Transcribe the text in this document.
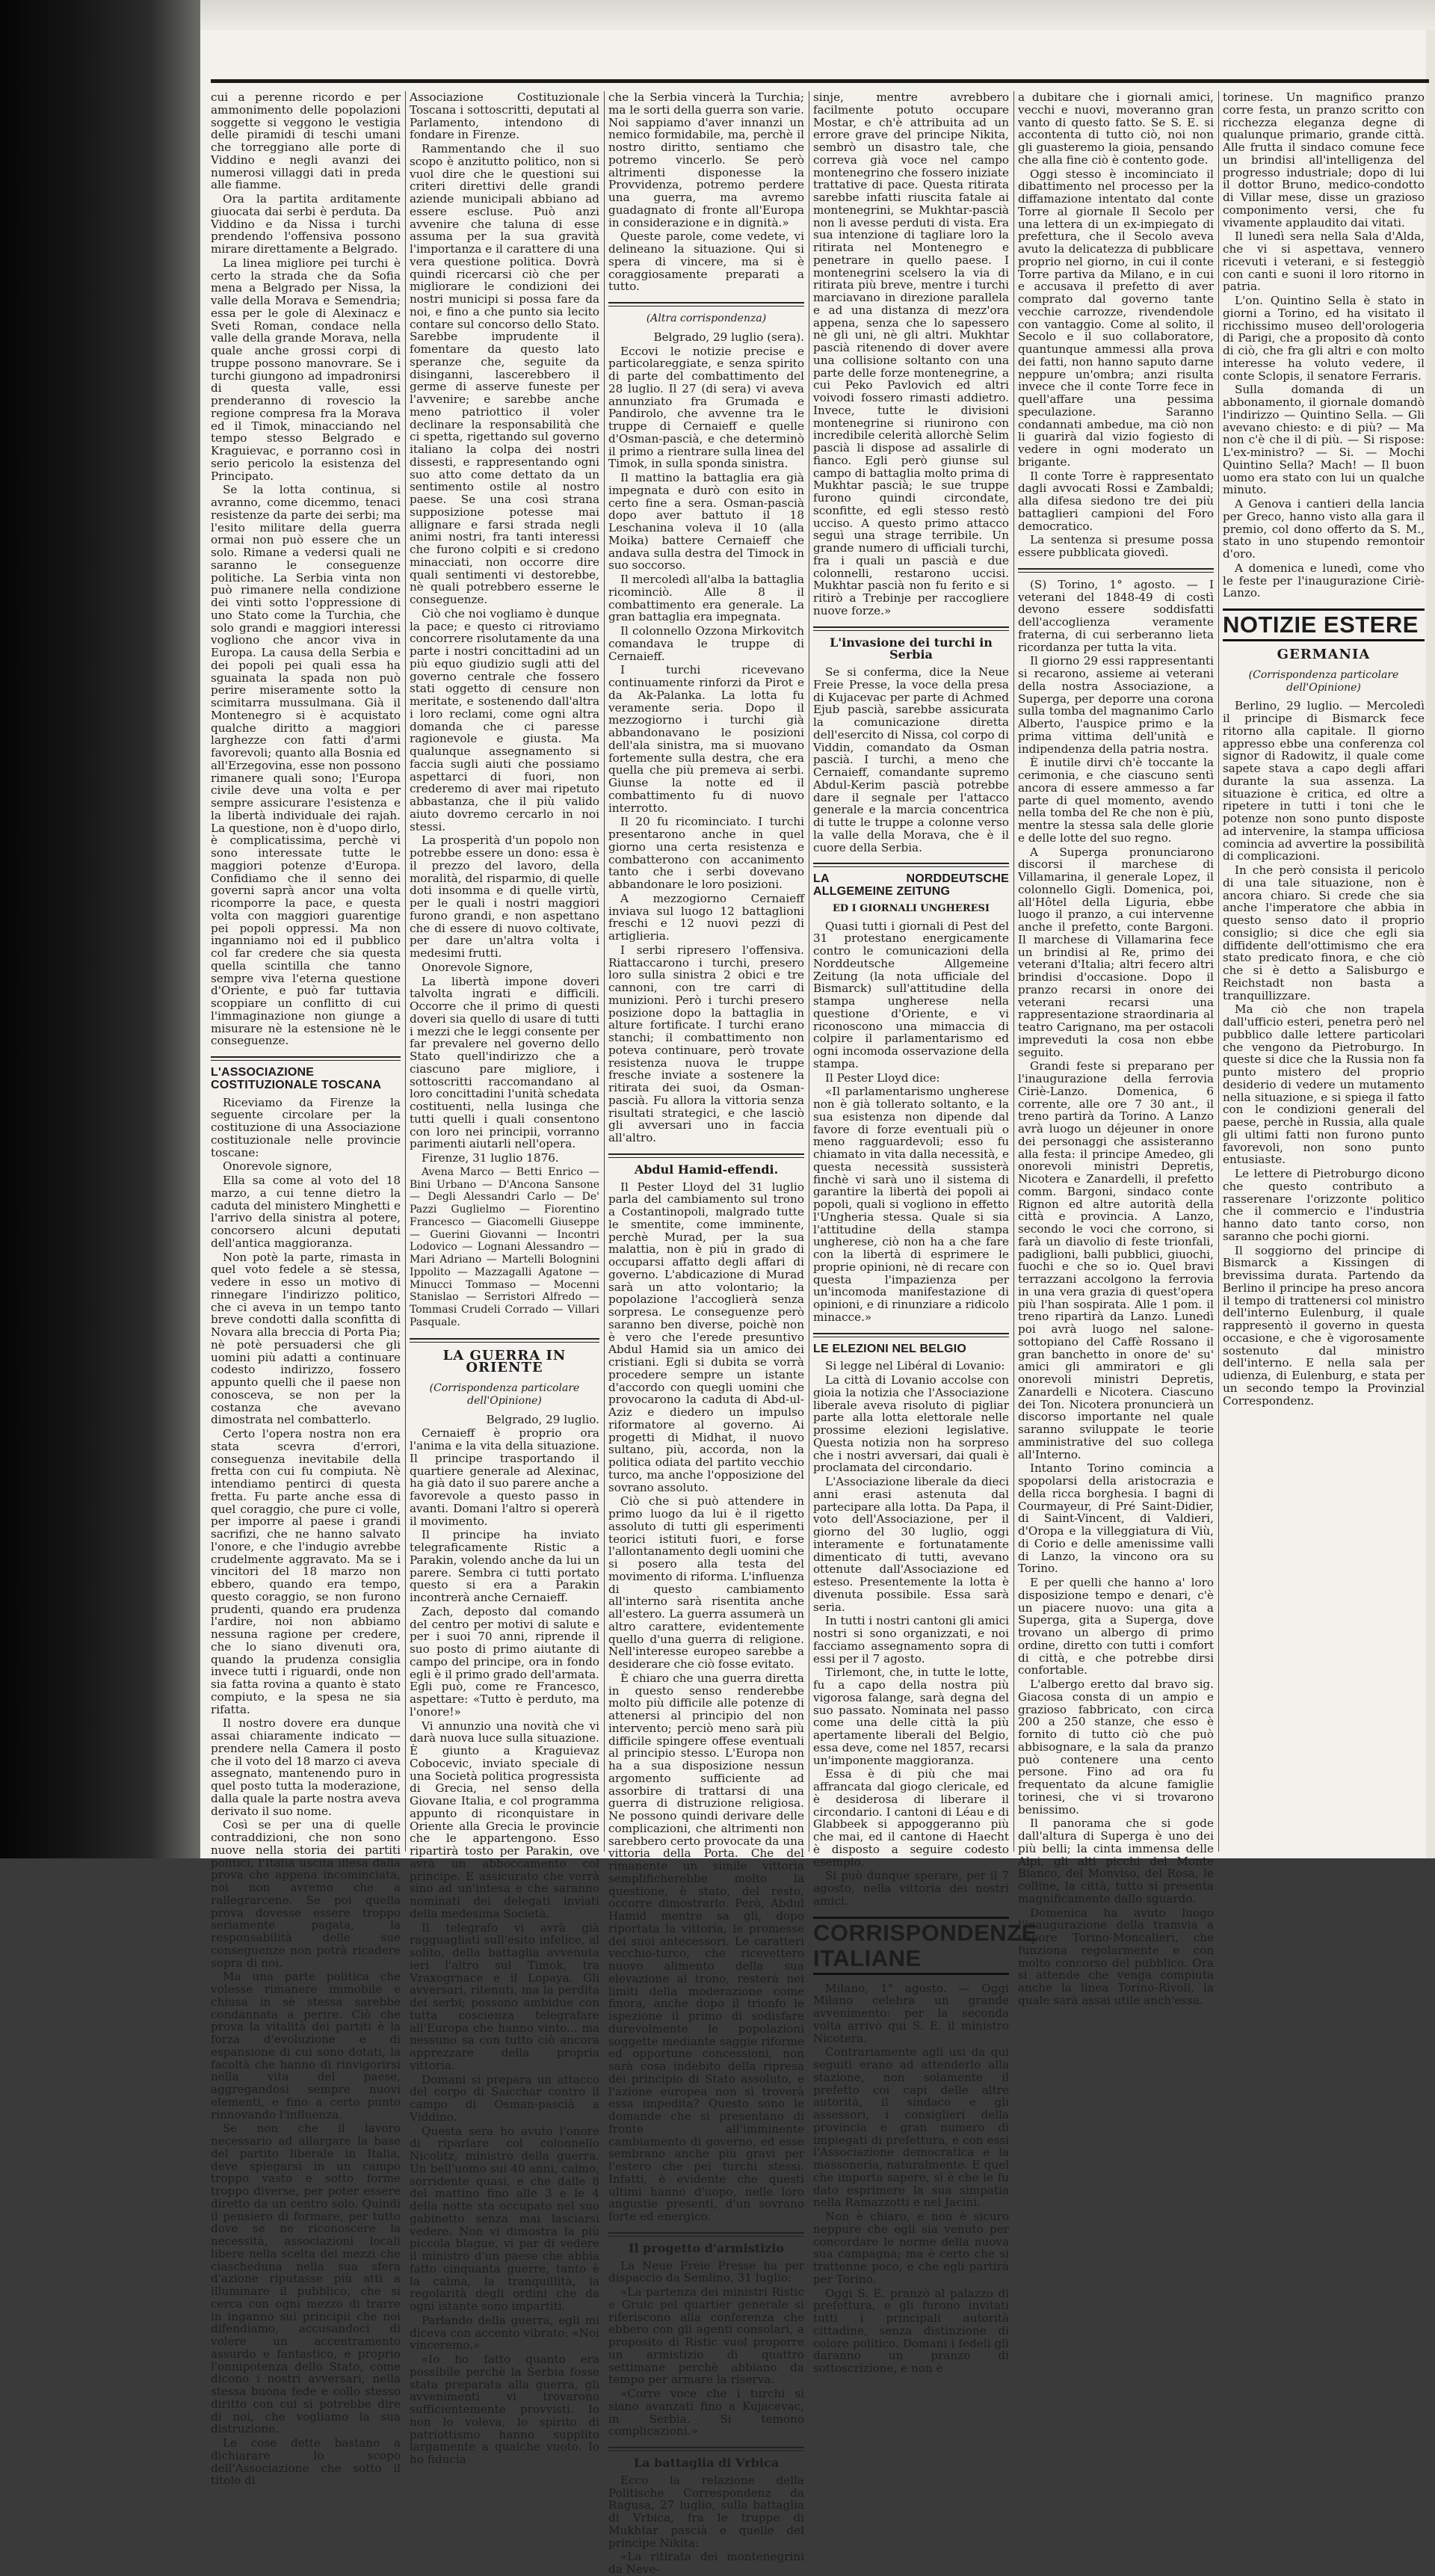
cui a perenne ricordo e per ammonimento delle popolazioni soggette si veggono le vestigia delle piramidi di teschi umani che torreggiano alle porte di Viddino e negli avanzi dei numerosi villaggi dati in preda alle fiamme.

Ora la partita arditamente giuocata dai serbi è perduta. Da Viddino e da Nissa i turchi prendendo l'offensiva possono mirare direttamente a Belgrado.

La linea migliore pei turchi è certo la strada che da Sofia mena a Belgrado per Nissa, la valle della Morava e Semendria; essa per le gole di Alexinacz e Sveti Roman, condace nella valle della grande Morava, nella quale anche grossi corpi di truppe possono manovrare. Se i turchi giungono ad impadronirsi di questa valle, essi prenderanno di rovescio la regione compresa fra la Morava ed il Timok, minacciando nel tempo stesso Belgrado e Kraguievac, e porranno così in serio pericolo la esistenza del Principato.

Se la lotta continua, si avranno, come dicemmo, tenaci resistenze da parte dei serbi; ma l'esito militare della guerra ormai non può essere che un solo. Rimane a vedersi quali ne saranno le conseguenze politiche. La Serbia vinta non può rimanere nella condizione dei vinti sotto l'oppressione di uno Stato come la Turchia, che solo grandi e maggiori interessi vogliono che ancor viva in Europa. La causa della Serbia e dei popoli pei quali essa ha sguainata la spada non può perire miseramente sotto la scimitarra mussulmana. Già il Montenegro si è acquistato qualche diritto a maggiori larghezze con fatti d'armi favorevoli; quanto alla Bosnia ed all'Erzegovina, esse non possono rimanere quali sono; l'Europa civile deve una volta e per sempre assicurare l'esistenza e la libertà individuale dei rajah. La questione, non è d'uopo dirlo, è complicatissima, perchè vi sono interessate tutte le maggiori potenze d'Europa. Confidiamo che il senno dei governi saprà ancor una volta ricomporre la pace, e questa volta con maggiori guarentige pei popoli oppressi. Ma non inganniamo noi ed il pubblico col far credere che sia questa quella scintilla che tanno sempre viva l'eterna questione d'Oriente, e può far tuttavia scoppiare un conflitto di cui l'immaginazione non giunge a misurare nè la estensione nè le conseguenze.

L'ASSOCIAZIONE COSTITUZIONALE TOSCANA

Riceviamo da Firenze la seguente circolare per la costituzione di una Associazione costituzionale nelle provincie toscane:

Onorevole signore,

Ella sa come al voto del 18 marzo, a cui tenne dietro la caduta del ministero Minghetti e l'arrivo della sinistra al potere, concorsero alcuni deputati dell'antica maggioranza.

Non potè la parte, rimasta in quel voto fedele a sè stessa, vedere in esso un motivo di rinnegare l'indirizzo politico, che ci aveva in un tempo tanto breve condotti dalla sconfitta di Novara alla breccia di Porta Pia; nè potè persuadersi che gli uomini più adatti a continuare codesto indirizzo, fossero appunto quelli che il paese non conosceva, se non per la costanza che avevano dimostrata nel combatterlo.

Certo l'opera nostra non era stata scevra d'errori, conseguenza inevitabile della fretta con cui fu compiuta. Nè intendiamo pentirci di questa fretta. Fu parte anche essa di quel coraggio, che pure ci volle, per imporre al paese i grandi sacrifizi, che ne hanno salvato l'onore, e che l'indugio avrebbe crudelmente aggravato. Ma se i vincitori del 18 marzo non ebbero, quando era tempo, questo coraggio, se non furono prudenti, quando era prudenza l'ardire, noi non abbiamo nessuna ragione per credere, che lo siano divenuti ora, quando la prudenza consiglia invece tutti i riguardi, onde non sia fatta rovina a quanto è stato compiuto, e la spesa ne sia rifatta.

Il nostro dovere era dunque assai chiaramente indicato — prendere nella Camera il posto che il voto del 18 marzo ci aveva assegnato, mantenendo puro in quel posto tutta la moderazione, dalla quale la parte nostra aveva derivato il suo nome.

Così se per una di quelle contraddizioni, che non sono nuove nella storia dei partiti politici, l'Italia uscita illesa dalla prova che appena incominciata, noi non avremo che a rallegrarcene. Se poi quella prova dovesse essere troppo seriamente pagata, la responsabilità delle sue conseguenze non potrà ricadere sopra di noi.

Ma una parte politica che volesse rimanere immobile e chiusa in sè stessa sarebbe condannata a perire. Ciò che prova la vitalità dei partiti è la forza d'evoluzione e di espansione di cui sono dotati, la facoltà che hanno di rinvigorirsi nella vita del paese, aggregandosi sempre nuovi elementi, e fino a certo punto rinnovando l'influenza.

Se non che il lavoro necessario ad allargare la base del partito liberale in Italia, deve spiegarsi in un campo troppo vasto e sotto forme troppo diverse, per poter essere diretto da un centro solo. Quindi il pensiero di formare, per tutto dove se ne riconoscere la necessità, associazioni locali libere nella scelta dei mezzi che ciascheduna nella sua sfera d'azione riputasse più atti a illuminare il pubblico, che si cerca con ogni mezzo di trarre in inganno sui principii che noi difendiamo, accusandoci di volere un accentramento assurdo e fantastico, e proprio l'onnipotenza dello Stato, come dicono i nostri avversari, nella stessa buona fede e collo stesso diritto con cui si potrebbe dire di noi, che vogliamo la sua distruzione.

Le cose dette bastano a dichiarare lo scopo dell'Associazione che sotto il titolo di

Associazione Costituzionale Toscana i sottoscritti, deputati al Parlamento, intendono di fondare in Firenze.

Rammentando che il suo scopo è anzitutto politico, non si vuol dire che le questioni sui criteri direttivi delle grandi aziende municipali abbiano ad essere escluse. Può anzi avvenire che taluna di esse assuma per la sua gravità l'importanza e il carattere di una vera questione politica. Dovrà quindi ricercarsi ciò che per migliorare le condizioni dei nostri municipi si possa fare da noi, e fino a che punto sia lecito contare sul concorso dello Stato. Sarebbe imprudente il fomentare da questo lato speranze che, seguite da disinganni, lascerebbero il germe di asserve funeste per l'avvenire; e sarebbe anche meno patriottico il voler declinare la responsabilità che ci spetta, rigettando sul governo italiano la colpa dei nostri dissesti, e rappresentando ogni suo atto come dettato da un sentimento ostile al nostro paese. Se una così strana supposizione potesse mai allignare e farsi strada negli animi nostri, fra tanti interessi che furono colpiti e si credono minacciati, non occorre dire quali sentimenti vi destorebbe, nè quali potrebbero esserne le conseguenze.

Ciò che noi vogliamo è dunque la pace; e questo ci ritroviamo concorrere risolutamente da una parte i nostri concittadini ad un più equo giudizio sugli atti del governo centrale che fossero stati oggetto di censure non meritate, e sostenendo dall'altra i loro reclami, come ogni altra domanda che ci paresse ragionevole e giusta. Ma qualunque assegnamento si faccia sugli aiuti che possiamo aspettarci di fuori, non crederemo di aver mai ripetuto abbastanza, che il più valido aiuto dovremo cercarlo in noi stessi.

La prosperità d'un popolo non potrebbe essere un dono: essa è il prezzo del lavoro, della moralità, del risparmio, di quelle doti insomma e di quelle virtù, per le quali i nostri maggiori furono grandi, e non aspettano che di essere di nuovo coltivate, per dare un'altra volta i medesimi frutti.

Onorevole Signore,

La libertà impone doveri talvolta ingrati e difficili. Occorre che il primo di questi doveri sia quello di usare di tutti i mezzi che le leggi consente per far prevalere nel governo dello Stato quell'indirizzo che a ciascuno pare migliore, i sottoscritti raccomandano al loro concittadini l'unità schedata costituenti, nella lusinga che tutti quelli i quali consentono con loro nei principii, vorranno parimenti aiutarli nell'opera.

Firenze, 31 luglio 1876.

Avena Marco — Betti Enrico — Bini Urbano — D'Ancona Sansone — Degli Alessandri Carlo — De' Pazzi Guglielmo — Fiorentino Francesco — Giacomelli Giuseppe — Guerini Giovanni — Incontri Lodovico — Lognani Alessandro — Mari Adriano — Martelli Bolognini Ippolito — Mazzagalli Agatone — Minucci Tommaso — Mocenni Stanislao — Serristori Alfredo — Tommasi Crudeli Corrado — Villari Pasquale.

LA GUERRA IN ORIENTE
(Corrispondenza particolare dell'Opinione)

Belgrado, 29 luglio.

Cernaieff è proprio ora l'anima e la vita della situazione. Il principe trasportando il quartiere generale ad Alexinac, ha già dato il suo parere anche a favorevole a questo passo in avanti. Domani l'altro si opererà il movimento.

Il principe ha inviato telegraficamente Ristic a Parakin, volendo anche da lui un parere. Sembra ci tutti portato questo si era a Parakin incontrerà anche Cernaieff.

Zach, deposto dal comando del centro per motivi di salute e per i suoi 70 anni, riprende il suo posto di primo aiutante di campo del principe, ora in fondo egli è il primo grado dell'armata. Egli può, come re Francesco, aspettare: «Tutto è perduto, ma l'onore!»

Vi annunzio una novità che vi darà nuova luce sulla situazione. È giunto a Kraguievaz Cobocevic, inviato speciale di una Società politica progressista di Grecia, nel senso della Giovane Italia, e col programma appunto di riconquistare in Oriente alla Grecia le provincie che le appartengono. Esso ripartirà tosto per Parakin, ove avrà un abboccamento col principe. E assicurato che verrà sino ad un'intesa e che saranno nominati dei delegati inviati della medesima Società.

Il telegrafo vi avrà già ragguagliati sull'esito infelice, al solito, della battaglia avvenuta ieri l'altro sul Timok, tra Vraxogrnace e il Lopaya. Gli avversari, ritenuti, ma la perdita dei serbi; possono ambidue con tutta coscienza telegrafare all'Europa che hanno vinto... ma nessuno sa con tutto ciò ancora apprezzare della propria vittoria.

Domani si prepara un attacco del corpo di Saicchar contro il campo di Osman-pascià a Viddino.

Questa sera ho avuto l'onore di riparlare col colonnello Nicolitz, ministro della guerra. Un bell'uomo sui 40 anni, calmo, sorridente quasi, e che dalle 8 del mattino fino alle 3 e le 4 della notte sta occupato nel suo gabinetto senza mai lasciarsi vedere. Non vi dimostra la più piccola blague, vi par di vedere il ministro d'un paese che abbia fatto cinquanta guerre, tanto è la calma, la tranquillità, la regolarità degli ordini che da ogni istante sono impartiti.

Parlando della guerra, egli mi diceva con accento vibrato: «Noi vinceremo.»

«Io ho fatto quanto era possibile perchè la Serbia fosse stata preparata alla guerra, gli avvenimenti vi trovarono sufficientemente provvisti. Io non lo voleva, lo spirito di patriottismo hanno supplito largamente a qualche vuoto. Io ho fiducia

che la Serbia vincerà la Turchia; ma le sorti della guerra son varie. Noi sappiamo d'aver innanzi un nemico formidabile, ma, perchè il nostro diritto, sentiamo che potremo vincerlo. Se però altrimenti disponesse la Provvidenza, potremo perdere una guerra, ma avremo guadagnato di fronte all'Europa in considerazione e in dignità.»

Queste parole, come vedete, vi delineano la situazione. Qui si spera di vincere, ma si è coraggiosamente preparati a tutto.

(Altra corrispondenza)

Belgrado, 29 luglio (sera).

Eccovi le notizie precise e particolareggiate, e senza spirito di parte del combattimento del 28 luglio. Il 27 (di sera) vi aveva annunziato fra Grumada e Pandirolo, che avvenne tra le truppe di Cernaieff e quelle d'Osman-pascià, e che determinò il primo a rientrare sulla linea del Timok, in sulla sponda sinistra.

Il mattino la battaglia era già impegnata e durò con esito in certo fine a sera. Osman-pascià dopo aver battuto il 18 Leschanina voleva il 10 (alla Moika) battere Cernaieff che andava sulla destra del Timock in suo soccorso.

Il mercoledì all'alba la battaglia ricominciò. Alle 8 il combattimento era generale. La gran battaglia era impegnata.

Il colonnello Ozzona Mirkovitch comandava le truppe di Cernaieff.

I turchi ricevevano continuamente rinforzi da Pirot e da Ak-Palanka. La lotta fu veramente seria. Dopo il mezzogiorno i turchi già abbandonavano le posizioni dell'ala sinistra, ma si muovano fortemente sulla destra, che era quella che più premeva ai serbi. Giunse la notte ed il combattimento fu di nuovo interrotto.

Il 20 fu ricominciato. I turchi presentarono anche in quel giorno una certa resistenza e combatterono con accanimento tanto che i serbi dovevano abbandonare le loro posizioni.

A mezzogiorno Cernaieff inviava sul luogo 12 battaglioni freschi e 12 nuovi pezzi di artiglieria.

I serbi ripresero l'offensiva. Riattaccarono i turchi, presero loro sulla sinistra 2 obici e tre cannoni, con tre carri di munizioni. Però i turchi presero posizione dopo la battaglia in alture fortificate. I turchi erano stanchi; il combattimento non poteva continuare, però trovate resistenza nuova le truppe fresche inviate a sostenere la ritirata dei suoi, da Osman-pascià. Fu allora la vittoria senza risultati strategici, e che lasciò gli avversari uno in faccia all'altro.

Abdul Hamid-effendi.

Il Pester Lloyd del 31 luglio parla del cambiamento sul trono a Costantinopoli, malgrado tutte le smentite, come imminente, perchè Murad, per la sua malattia, non è più in grado di occuparsi affatto degli affari di governo. L'abdicazione di Murad sarà un atto volontario; la popolazione l'accoglierà senza sorpresa. Le conseguenze però saranno ben diverse, poichè non è vero che l'erede presuntivo Abdul Hamid sia un amico dei cristiani. Egli si dubita se vorrà procedere sempre un istante d'accordo con quegli uomini che provocarono la caduta di Abd-ul-Aziz e diedero un impulso riformatore al governo. Ai progetti di Midhat, il nuovo sultano, più, accorda, non la politica odiata del partito vecchio turco, ma anche l'opposizione del sovrano assoluto.

Ciò che si può attendere in primo luogo da lui è il rigetto assoluto di tutti gli esperimenti teorici istituti fuori, e forse l'allontanamento degli uomini che si posero alla testa del movimento di riforma. L'influenza di questo cambiamento all'interno sarà risentita anche all'estero. La guerra assumerà un altro carattere, evidentemente quello d'una guerra di religione. Nell'interesse europeo sarebbe a desiderare che ciò fosse evitato.

È chiaro che una guerra diretta in questo senso renderebbe molto più difficile alle potenze di attenersi al principio del non intervento; perciò meno sarà più difficile spingere offese eventuali al principio stesso. L'Europa non ha a sua disposizione nessun argomento sufficiente ad assorbire di trattarsi di una guerra di distruzione religiosa. Ne possono quindi derivare delle complicazioni, che altrimenti non sarebbero certo provocate da una vittoria della Porta. Che del rimanente un simile vittoria semplificherebbe molto la questione, è stato, del resto, occorre dimostrarlo. Però, Abdul Hamid mentre sa gli, dopo riportata la vittoria, le promesse dei suoi antecessori. Le caratteri vecchio-turco, che ricevettero nuovo alimento della sua elevazione al trono, resterà nei limiti della moderazione come finora, anche dopo il trionfo le ispezione il primo di sodisfare durevolmente le popolazioni soggette mediante saggie riforme ed opportune concessioni, non sarà cosa indebito della ripresa dei principio di Stato assoluto, e l'azione europea non si troverà essa impedita? Questo sono le domande che si presentano di fronte all'imminente cambiamento di governo, ed esse sembrano anche più gravi per l'estero che pei turchi stessi. Infatti, è evidente che questi ultimi hanno d'uopo, nelle loro angustie presenti, d'un sovrano forte ed energico.

Il progetto d'armistizio

La Neue Freie Presse ha per dispaccio da Semlino, 31 luglio:

«La partenza dei ministri Ristic e Gruic pel quartier generale si riferiscono alla conferenza che ebbero con gli agenti consolari, a proposito di Ristic vuol proporre un armistizio di quattro settimane perchè abbiano da tempo per armare la riserva.

«Corre voce che i turchi si siano avanzati fino a Kujacevac, in Serbia. Si temono complicazioni.»

La battaglia di Vrbica

Ecco la relazione della Politische Correspondenz da Ragusa, 27 luglio, sulla battaglia di Vrbica, fra le truppe di Mukhtar pascià e quelle del principe Nikita:

«La ritirata dei montenegrini da Neve-

sinje, mentre avrebbero facilmente potuto occupare Mostar, e ch'è attribuita ad un errore grave del principe Nikita, sembrò un disastro tale, che correva già voce nel campo montenegrino che fossero iniziate trattative di pace. Questa ritirata sarebbe infatti riuscita fatale ai montenegrini, se Mukhtar-pascià non li avesse perduti di vista. Era sua intenzione di tagliare loro la ritirata nel Montenegro e penetrare in quello paese. I montenegrini scelsero la via di ritirata più breve, mentre i turchi marciavano in direzione parallela e ad una distanza di mezz'ora appena, senza che lo sapessero nè gli uni, nè gli altri. Mukhtar pascià ritenendo di dover avere una collisione soltanto con una parte delle forze montenegrine, a cui Peko Pavlovich ed altri voivodi fossero rimasti addietro. Invece, tutte le divisioni montenegrine si riunirono con incredibile celerità allorchè Selim pascià li dispose ad assalirle di fianco. Egli però giunse sul campo di battaglia molto prima di Mukhtar pascià; le sue truppe furono quindi circondate, sconfitte, ed egli stesso restò ucciso. A questo primo attacco seguì una strage terribile. Un grande numero di ufficiali turchi, fra i quali un pascià e due colonnelli, restarono uccisi. Mukhtar pascià non fu ferito e si ritirò a Trebinje per raccogliere nuove forze.»

L'invasione dei turchi in Serbia

Se si conferma, dice la Neue Freie Presse, la voce della presa di Kujacevac per parte di Achmed Ejub pascià, sarebbe assicurata la comunicazione diretta dell'esercito di Nissa, col corpo di Viddin, comandato da Osman pascià. I turchi, a meno che Cernaieff, comandante supremo Abdul-Kerim pascià potrebbe dare il segnale per l'attacco generale e la marcia concentrica di tutte le truppe a colonne verso la valle della Morava, che è il cuore della Serbia.

LA NORDDEUTSCHE ALLGEMEINE ZEITUNG
ED I GIORNALI UNGHERESI

Quasi tutti i giornali di Pest del 31 protestano energicamente contro le comunicazioni della Norddeutsche Allgemeine Zeitung (la nota ufficiale del Bismarck) sull'attitudine della stampa ungherese nella questione d'Oriente, e vi riconoscono una mimaccia di colpire il parlamentarismo ed ogni incomoda osservazione della stampa.

Il Pester Lloyd dice:

«Il parlamentarismo ungherese non è già tollerato soltanto, e la sua esistenza non dipende dal favore di forze eventuali più o meno ragguardevoli; esso fu chiamato in vita dalla necessità, e questa necessità sussisterà finchè vi sarà uno il sistema di garantire la libertà dei popoli ai popoli, quali si vogliono in effetto l'Ungheria stessa. Quale si sia l'attitudine della stampa ungherese, ciò non ha a che fare con la libertà di esprimere le proprie opinioni, nè di recare con questa l'impazienza per un'incomoda manifestazione di opinioni, e di rinunziare a ridicolo minacce.»

LE ELEZIONI NEL BELGIO

Si legge nel Libéral di Lovanio:

La città di Lovanio accolse con gioia la notizia che l'Associazione liberale aveva risoluto di pigliar parte alla lotta elettorale nelle prossime elezioni legislative. Questa notizia non ha sorpreso che i nostri avversari, dai quali è proclamata del circondario.

L'Associazione liberale da dieci anni erasi astenuta dal partecipare alla lotta. Da Papa, il voto dell'Associazione, per il giorno del 30 luglio, oggi interamente e fortunatamente dimenticato di tutti, avevano ottenute dall'Associazione ed esteso. Presentemente la lotta è divenuta possibile. Essa sarà seria.

In tutti i nostri cantoni gli amici nostri si sono organizzati, e noi facciamo assegnamento sopra di essi per il 7 agosto.

Tirlemont, che, in tutte le lotte, fu a capo della nostra più vigorosa falange, sarà degna del suo passato. Nominata nel passo come una delle città la più apertamente liberali del Belgio, essa deve, come nel 1857, recarsi un'imponente maggioranza.

Essa è di più che mai affrancata dal giogo clericale, ed è desiderosa di liberare il circondario. I cantoni di Léau e di Glabbeek si appoggeranno più che mai, ed il cantone di Haecht è disposto a seguire codesto esempio.

Si può dunque sperare, per il 7 agosto, nella vittoria dei nostri amici.

CORRISPONDENZE ITALIANE

Milano, 1° agosto. — Oggi Milano celebra un grande avvenimento: per la seconda volta arrivò qui S. E. il ministro Nicotera.

Contrariamente agli usi da qui seguiti erano ad attenderlo alla stazione, non solamente il prefetto coi capi delle altre autorità, il sindaco e gli assessori, i consiglieri della provincia e gran numero di impiegati di prefettura, e con essi l'Associazione democratica e la massoneria, naturalmente. E quel che importa sapere, si è che le fu dato esprimere la sua simpatia nella Ramazzotti e nel Jacini.

Non è chiaro, e non è sicuro neppure che egli sia venuto per concordare le norme della nuova sua campagna; ma è certo che si trattenne poco, e che egli partirà per Torino.

Oggi S. E. pranzò al palazzo di prefettura, e gli furono invitati tutti i principali autorità cittadine, senza distinzione di colore politico. Domani i fedeli gli daranno un pranzo di sottoscrizione, e non è

a dubitare che i giornali amici, vecchi e nuovi, moveranno gran vanto di questo fatto. Se S. E. si accontenta di tutto ciò, noi non gli guasteremo la gioia, pensando che alla fine ciò è contento gode.

Oggi stesso è incominciato il dibattimento nel processo per la diffamazione intentato dal conte Torre al giornale Il Secolo per una lettera di un ex-impiegato di prefettura, che il Secolo aveva avuto la delicatezza di pubblicare proprio nel giorno, in cui il conte Torre partiva da Milano, e in cui e accusava il prefetto di aver comprato dal governo tante vecchie carrozze, rivendendole con vantaggio. Come al solito, il Secolo e il suo collaboratore, quantunque ammessi alla prova dei fatti, non hanno saputo darne neppure un'ombra; anzi risulta invece che il conte Torre fece in quell'affare una pessima speculazione. Saranno condannati ambedue, ma ciò non li guarirà dal vizio fogiesto di vedere in ogni moderato un brigante.

Il conte Torre è rappresentato dagli avvocati Rossi e Zambaldi; alla difesa siedono tre dei più battaglieri campioni del Foro democratico.

La sentenza si presume possa essere pubblicata giovedì.

(S) Torino, 1° agosto. — I veterani del 1848-49 di costì devono essere soddisfatti dell'accoglienza veramente fraterna, di cui serberanno lieta ricordanza per tutta la vita.

Il giorno 29 essi rappresentanti si recarono, assieme ai veterani della nostra Associazione, a Superga, per deporre una corona sulla tomba del magnanimo Carlo Alberto, l'auspice primo e la prima vittima dell'unità e indipendenza della patria nostra.

È inutile dirvi ch'è toccante la cerimonia, e che ciascuno sentì ancora di essere ammesso a far parte di quel momento, avendo nella tomba del Re che non è più, mentre la stessa sala delle glorie e delle lotte del suo regno.

A Superga pronunciarono discorsi il marchese di Villamarina, il generale Lopez, il colonnello Gigli. Domenica, poi, all'Hôtel della Liguria, ebbe luogo il pranzo, a cui intervenne anche il prefetto, conte Bargoni. Il marchese di Villamarina fece un brindisi al Re, primo dei veterani d'Italia; altri fecero altri brindisi d'occasione. Dopo il pranzo recarsi in onore dei veterani recarsi una rappresentazione straordinaria al teatro Carignano, ma per ostacoli impreveduti la cosa non ebbe seguito.

Grandi feste si preparano per l'inaugurazione della ferrovia Ciriè-Lanzo. Domenica, 6 corrente, alle ore 7 30 ant., il treno partirà da Torino. A Lanzo avrà luogo un déjeuner in onore dei personaggi che assisteranno alla festa: il principe Amedeo, gli onorevoli ministri Depretis, Nicotera e Zanardelli, il prefetto comm. Bargoni, sindaco conte Rignon ed altre autorità della città e provincia. A Lanzo, secondo le voci che corrono, si farà un diavolio di feste trionfali, padiglioni, balli pubblici, giuochi, fuochi e che so io. Quel bravi terrazzani accolgono la ferrovia in una vera grazia di quest'opera più l'han sospirata. Alle 1 pom. il treno ripartirà da Lanzo. Lunedì poi avrà luogo nel salone-sottopiano del Caffè Rossano il gran banchetto in onore de' su' amici gli ammiratori e gli onorevoli ministri Depretis, Zanardelli e Nicotera. Ciascuno dei Ton. Nicotera pronuncierà un discorso importante nel quale saranno sviluppate le teorie amministrative del suo collega all'Interno.

Intanto Torino comincia a spopolarsi della aristocrazia e della ricca borghesia. I bagni di Courmayeur, di Pré Saint-Didier, di Saint-Vincent, di Valdieri, d'Oropa e la villeggiatura di Viù, di Corio e delle amenissime valli di Lanzo, la vincono ora su Torino.

E per quelli che hanno a' loro disposizione tempo e denari, c'è un piacere nuovo: una gita a Superga, gita a Superga, dove trovano un albergo di primo ordine, diretto con tutti i comfort di città, e che potrebbe dirsi confortable.

L'albergo eretto dal bravo sig. Giacosa consta di un ampio e grazioso fabbricato, con circa 200 a 250 stanze, che esso è fornito di tutto ciò che può abbisognare, e la sala da pranzo può contenere una cento persone. Fino ad ora fu frequentato da alcune famiglie torinesi, che vi si trovarono benissimo.

Il panorama che si gode dall'altura di Superga è uno dei più belli; la cinta immensa delle Alpi, gli alti picchi del Monte Bianco, del Monviso, del Rosa, le colline, la città, tutto si presenta magnificamente dallo sguardo.

Domenica ha avuto luogo l'inaugurazione della tramvia a vapore Torino-Moncalieri, che funziona regolarmente e con molto concorso del pubblico. Ora si attende che venga compiuta anche la linea Torino-Rivoli, la quale sarà assai utile anch'essa.

torinese. Un magnifico pranzo corre festa, un pranzo scritto con ricchezza eleganza degne di qualunque primario, grande città. Alle frutta il sindaco comune fece un brindisi all'intelligenza del progresso industriale; dopo di lui il dottor Bruno, medico-condotto di Villar mese, disse un grazioso componimento versi, che fu vivamente applaudito dai vitati.

Il lunedì sera nella Sala d'Alda, che vi si aspettava, vennero ricevuti i veterani, e si festeggiò con canti e suoni il loro ritorno in patria.

L'on. Quintino Sella è stato in giorni a Torino, ed ha visitato il ricchissimo museo dell'orologeria di Parigi, che a proposito dà conto di ciò, che fra gli altri e con molto interesse ha voluto vedere, il conte Sclopis, il senatore Ferraris.

Sulla domanda di un abbonamento, il giornale domandò l'indirizzo — Quintino Sella. — Gli avevano chiesto: e di più? — Ma non c'è che il di più. — Si rispose: L'ex-ministro? — Si. — Mochi Quintino Sella? Mach! — Il buon uomo era stato con lui un qualche minuto.

A Genova i cantieri della lancia per Greco, hanno visto alla gara il premio, col dono offerto da S. M., stato in uno stupendo remontoir d'oro.

A domenica e lunedì, come vho le feste per l'inaugurazione Ciriè-Lanzo.

NOTIZIE ESTERE
GERMANIA
(Corrispondenza particolare dell'Opinione)

Berlino, 29 luglio. — Mercoledì il principe di Bismarck fece ritorno alla capitale. Il giorno appresso ebbe una conferenza col signor di Radowitz, il quale come sapete stava a capo degli affari durante la sua assenza. La situazione è critica, ed oltre a ripetere in tutti i toni che le potenze non sono punto disposte ad intervenire, la stampa ufficiosa comincia ad avvertire la possibilità di complicazioni.

In che però consista il pericolo di una tale situazione, non è ancora chiaro. Si crede che sia anche l'imperatore che abbia in questo senso dato il proprio consiglio; si dice che egli sia diffidente dell'ottimismo che era stato predicato finora, e che ciò che si è detto a Salisburgo e Reichstadt non basta a tranquillizzare.

Ma ciò che non trapela dall'ufficio esteri, penetra però nel pubblico dalle lettere particolari che vengono da Pietroburgo. In queste si dice che la Russia non fa punto mistero del proprio desiderio di vedere un mutamento nella situazione, e si spiega il fatto con le condizioni generali del paese, perchè in Russia, alla quale gli ultimi fatti non furono punto favorevoli, non sono punto entusiaste.

Le lettere di Pietroburgo dicono che questo contributo a rasserenare l'orizzonte politico che il commercio e l'industria hanno dato tanto corso, non saranno che pochi giorni.

Il soggiorno del principe di Bismarck a Kissingen di brevissima durata. Partendo da Berlino il principe ha preso ancora il tempo di trattenersi col ministro dell'interno Eulenburg, il quale rappresentò il governo in questa occasione, e che è vigorosamente sostenuto dal ministro dell'interno. E nella sala per udienza, di Eulenburg, e stata per un secondo tempo la Provinzial Correspondenz.
